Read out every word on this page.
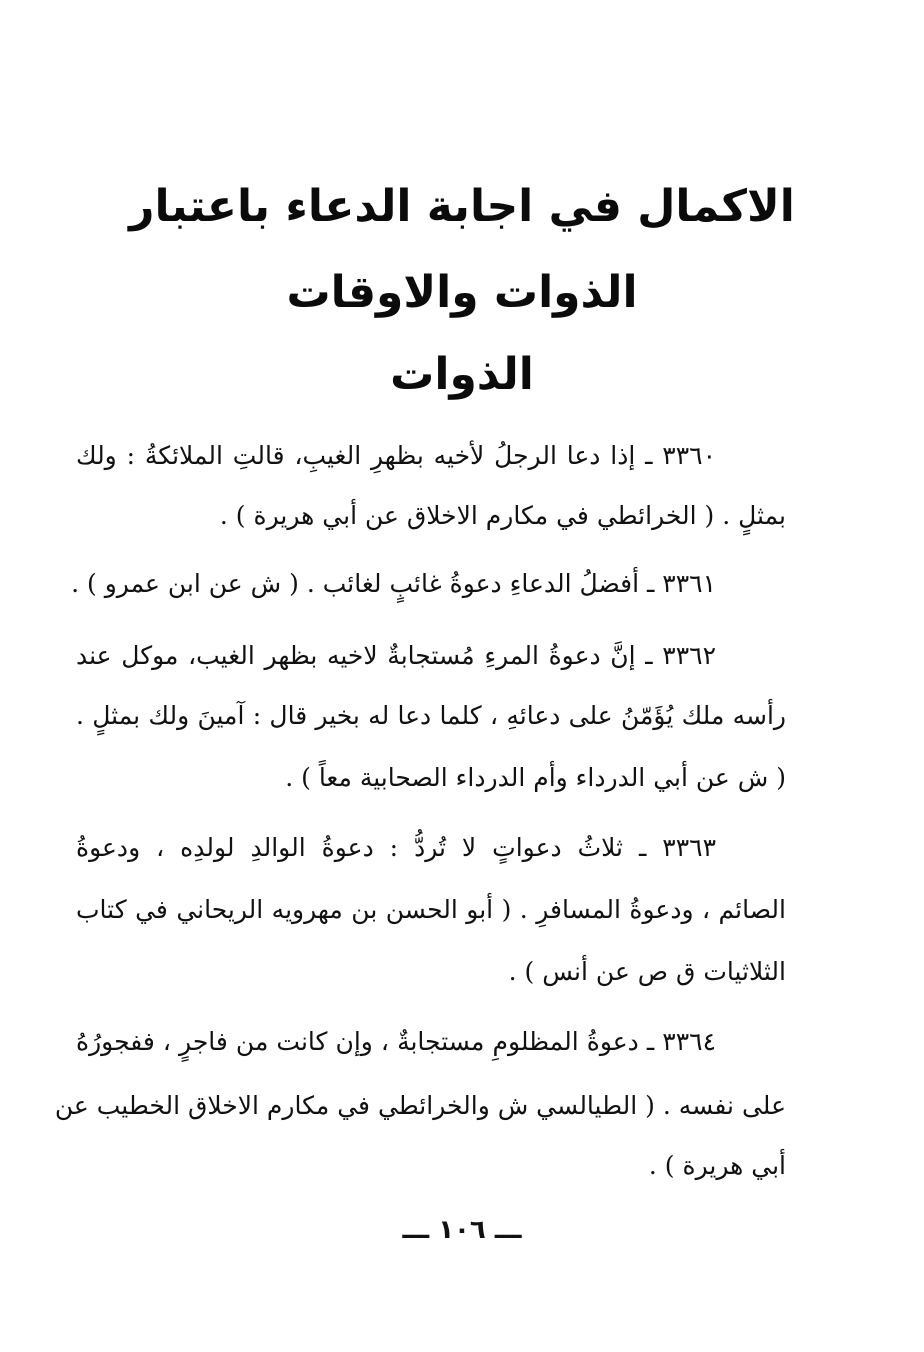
الاكمال في اجابة الدعاء باعتبار
الذوات والاوقات
الذوات
٣٣٦٠ ـ إذا دعا الرجلُ لأخيه بظهرِ الغيبِ، قالتِ الملائكةُ : ولك
بمثلٍ . ( الخرائطي في مكارم الاخلاق عن أبي هريرة ) .
٣٣٦١ ـ أفضلُ الدعاءِ دعوةُ غائبٍ لغائب . ( ش عن ابن عمرو ) .
٣٣٦٢ ـ إنَّ دعوةُ المرءِ مُستجابةٌ لاخيه بظهر الغيب، موكل عند
رأسه ملك يُؤَمّنُ على دعائهِ ، كلما دعا له بخير قال : آمينَ ولك بمثلٍ .
( ش عن أبي الدرداء وأم الدرداء الصحابية معاً ) .
٣٣٦٣ ـ ثلاثُ دعواتٍ لا تُردُّ : دعوةُ الوالدِ لولدِه ، ودعوةُ
الصائم ، ودعوةُ المسافرِ . ( أبو الحسن بن مهرويه الريحاني في كتاب
الثلاثيات ق ص عن أنس ) .
٣٣٦٤ ـ دعوةُ المظلومِ مستجابةٌ ، وإن كانت من فاجرٍ ، ففجورُهُ
على نفسه . ( الطيالسي ش والخرائطي في مكارم الاخلاق الخطيب عن
أبي هريرة ) .
ـــ ١٠٦ ـــ
